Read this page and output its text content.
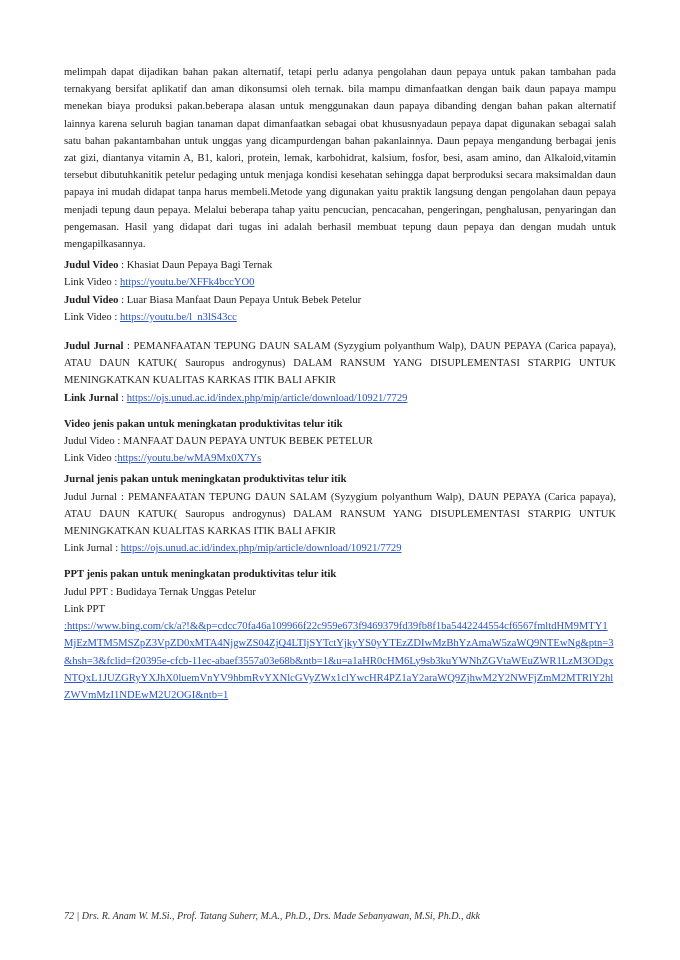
melimpah dapat dijadikan bahan pakan alternatif, tetapi perlu adanya pengolahan daun pepaya untuk pakan tambahan pada ternakyang bersifat aplikatif dan aman dikonsumsi oleh ternak. bila mampu dimanfaatkan dengan baik daun papaya mampu menekan biaya produksi pakan.beberapa alasan untuk menggunakan daun papaya dibanding dengan bahan pakan alternatif lainnya karena seluruh bagian tanaman dapat dimanfaatkan sebagai obat khususnyadaun pepaya dapat digunakan sebagai salah satu bahan pakantambahan untuk unggas yang dicampurdengan bahan pakanlainnya. Daun pepaya mengandung berbagai jenis zat gizi, diantanya vitamin A, B1, kalori, protein, lemak, karbohidrat, kalsium, fosfor, besi, asam amino, dan Alkaloid,vitamin tersebut dibutuhkanitik petelur pedaging untuk menjaga kondisi kesehatan sehingga dapat berproduksi secara maksimaldan daun papaya ini mudah didapat tanpa harus membeli.Metode yang digunakan yaitu praktik langsung dengan pengolahan daun pepaya menjadi tepung daun pepaya. Melalui beberapa tahap yaitu pencucian, pencacahan, pengeringan, penghalusan, penyaringan dan pengemasan. Hasil yang didapat dari tugas ini adalah berhasil membuat tepung daun pepaya dan dengan mudah untuk mengapilkasannya.

Judul Video : Khasiat Daun Pepaya Bagi Ternak
Link Video : https://youtu.be/XFFk4bccYO0
Judul Video : Luar Biasa Manfaat Daun Pepaya Untuk Bebek Petelur
Link Video : https://youtu.be/l_n3lS43cc

Judul Jurnal : PEMANFAATAN TEPUNG DAUN SALAM (Syzygium polyanthum Walp), DAUN PEPAYA (Carica papaya), ATAU DAUN KATUK( Sauropus androgynus) DALAM RANSUM YANG DISUPLEMENTASI STARPIG UNTUK MENINGKATKAN KUALITAS KARKAS ITIK BALI AFKIR

Link Jurnal : https://ojs.unud.ac.id/index.php/mip/article/download/10921/7729
Video jenis pakan untuk meningkatan produktivitas telur itik
Judul Video : MANFAAT DAUN PEPAYA UNTUK BEBEK PETELUR
Link Video :https://youtu.be/wMA9Mx0X7Ys
Jurnal jenis pakan untuk meningkatan produktivitas telur itik

Judul Jurnal : PEMANFAATAN TEPUNG DAUN SALAM (Syzygium polyanthum Walp), DAUN PEPAYA (Carica papaya), ATAU DAUN KATUK( Sauropus androgynus) DALAM RANSUM YANG DISUPLEMENTASI STARPIG UNTUK MENINGKATKAN KUALITAS KARKAS ITIK BALI AFKIR

Link Jurnal : https://ojs.unud.ac.id/index.php/mip/article/download/10921/7729
PPT jenis pakan untuk meningkatan produktivitas telur itik
Judul PPT : Budidaya Ternak Unggas Petelur
Link PPT
:https://www.bing.com/ck/a?!&&p=cdcc70fa46a109966f22c959e673f9469379fd39fb8f1ba5442244554cf6567fmltdHM9MTY1MjEzMTM5MSZpZ3VpZD0xMTA4NjgwZS04ZjQ4LTljSYTctYjkyYS0yYTEzZDIwMzBhYzAmaW5zaWQ9NTEwNg&ptn=3&hsh=3&fclid=f20395e-cfcb-11ec-abaef3557a03e68b&ntb=1&u=a1aHR0cHM6Ly9sb3kuYWNhZGVtaWEuZWR1LzM3ODgxNTQxL1JUZGRyYXJhX0luemVnYV9hbmRvYXNlcGVyZWx1clYwcHR4PZ1aY2araWQ9ZjhwM2Y2NWFjZmM2MTRlY2hlZWVmMzI1NDEwM2U2OGI&ntb=1
72 | Drs. R. Anam W. M.Si., Prof. Tatang Suherr, M.A., Ph.D., Drs. Made Sebanyawan, M.Si, Ph.D., dkk
